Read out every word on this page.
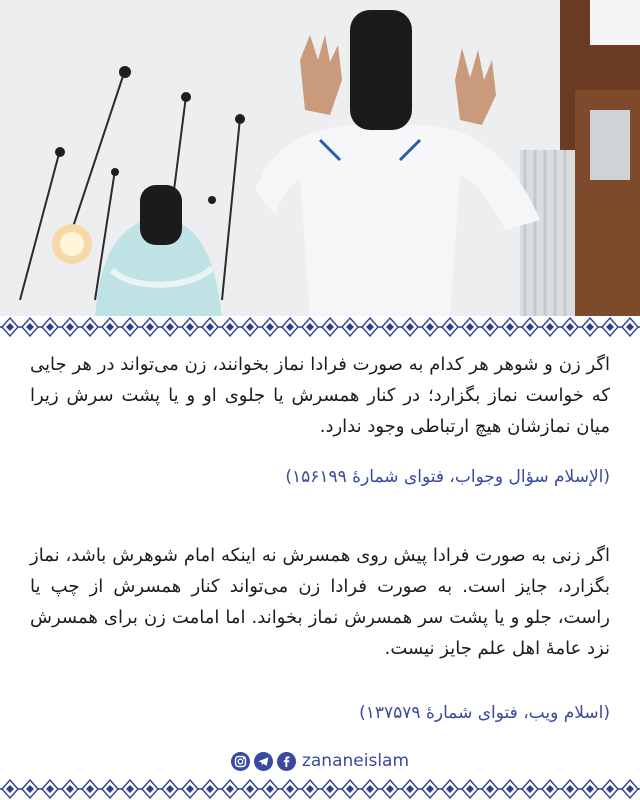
اگر زن و شوهر هر کدام به صورت فرادا نماز بخوانند، زن می‌تواند در هر جایی که خواست نماز بگزارد؛ در کنار همسرش یا جلوی او و یا پشت سرش زیرا میان نمازشان هیچ ارتباطی وجود ندارد.

(الإسلام سؤال وجواب، فتوای شمارۀ ۱۵۶۱۹۹)

اگر زنی به صورت فرادا پیش روی همسرش نه اینکه امام شوهرش باشد، نماز بگزارد، جایز است. به صورت فرادا زن می‌تواند کنار همسرش از چپ یا راست، جلو و یا پشت سر همسرش نماز بخواند. اما امامت زن برای همسرش نزد عامۀ اهل علم جایز نیست.

(اسلام ویب، فتوای شمارۀ ۱۳۷۵۷۹)

zananeislam
